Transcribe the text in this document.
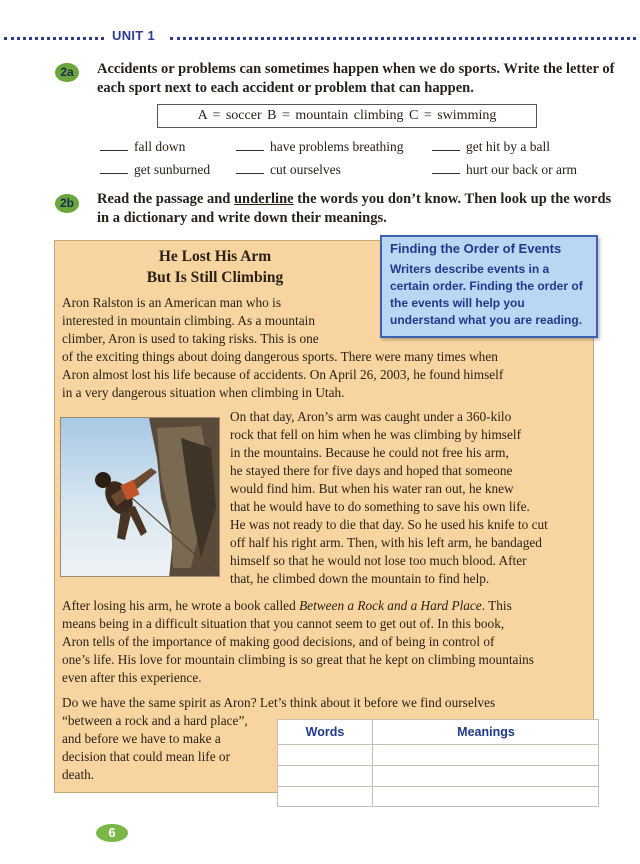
UNIT 1
2a	Accidents or problems can sometimes happen when we do sports. Write the letter of each sport next to each accident or problem that can happen.
A = soccer B = mountain climbing C = swimming
fall down	have problems breathing	get hit by a ball
get sunburned	cut ourselves	hurt our back or arm
2b	Read the passage and underline the words you don’t know. Then look up the words in a dictionary and write down their meanings.
He Lost His Arm
But Is Still Climbing
Finding the Order of Events
Writers describe events in a certain order. Finding the order of the events will help you understand what you are reading.
Aron Ralston is an American man who is
interested in mountain climbing. As a mountain
climber, Aron is used to taking risks. This is one
of the exciting things about doing dangerous sports. There were many times when
Aron almost lost his life because of accidents. On April 26, 2003, he found himself
in a very dangerous situation when climbing in Utah.
On that day, Aron’s arm was caught under a 360-kilo
rock that fell on him when he was climbing by himself
in the mountains. Because he could not free his arm,
he stayed there for five days and hoped that someone
would find him. But when his water ran out, he knew
that he would have to do something to save his own life.
He was not ready to die that day. So he used his knife to cut
off half his right arm. Then, with his left arm, he bandaged
himself so that he would not lose too much blood. After
that, he climbed down the mountain to find help.
After losing his arm, he wrote a book called Between a Rock and a Hard Place. This
means being in a difficult situation that you cannot seem to get out of. In this book,
Aron tells of the importance of making good decisions, and of being in control of
one’s life. His love for mountain climbing is so great that he kept on climbing mountains
even after this experience.
Do we have the same spirit as Aron? Let’s think about it before we find ourselves
“between a rock and a hard place”,
and before we have to make a
decision that could mean life or
death.
Words	Meanings
6
